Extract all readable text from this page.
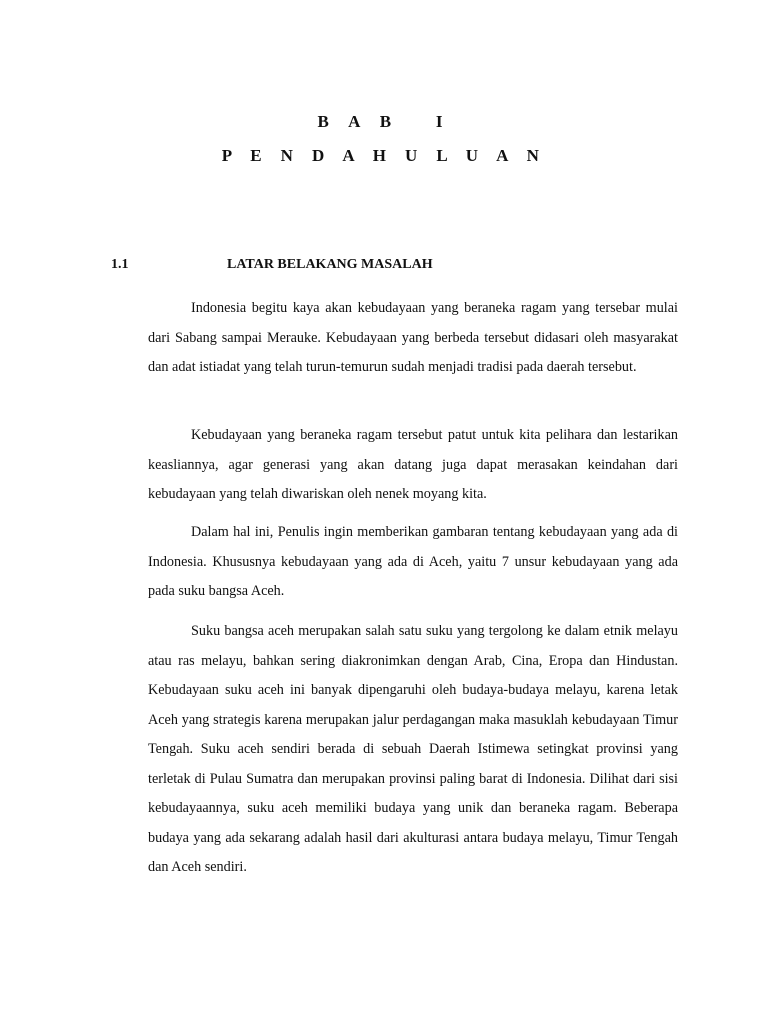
B A B   I
P E N D A H U L U A N
1.1	LATAR BELAKANG MASALAH

Indonesia begitu kaya akan kebudayaan yang beraneka ragam yang tersebar mulai dari Sabang sampai Merauke. Kebudayaan yang berbeda tersebut didasari oleh masyarakat dan adat istiadat yang telah turun-temurun sudah menjadi tradisi pada daerah tersebut.

Kebudayaan yang beraneka ragam tersebut patut untuk kita pelihara dan lestarikan keasliannya, agar generasi yang akan datang juga dapat merasakan keindahan dari kebudayaan yang telah diwariskan oleh nenek moyang kita.

Dalam hal ini, Penulis ingin memberikan gambaran tentang kebudayaan yang ada di Indonesia. Khususnya kebudayaan yang ada di Aceh, yaitu 7 unsur kebudayaan yang ada pada suku bangsa Aceh.

Suku bangsa aceh merupakan salah satu suku yang tergolong ke dalam etnik melayu atau ras melayu, bahkan sering diakronimkan dengan Arab, Cina, Eropa dan Hindustan. Kebudayaan suku aceh ini banyak dipengaruhi oleh budaya-budaya melayu, karena letak Aceh yang strategis karena merupakan jalur perdagangan maka masuklah kebudayaan Timur Tengah. Suku aceh sendiri berada di sebuah Daerah Istimewa setingkat provinsi yang terletak di Pulau Sumatra dan merupakan provinsi paling barat di Indonesia. Dilihat dari sisi kebudayaannya, suku aceh memiliki budaya yang unik dan beraneka ragam. Beberapa budaya yang ada sekarang adalah hasil dari akulturasi antara budaya melayu, Timur Tengah dan Aceh sendiri.
